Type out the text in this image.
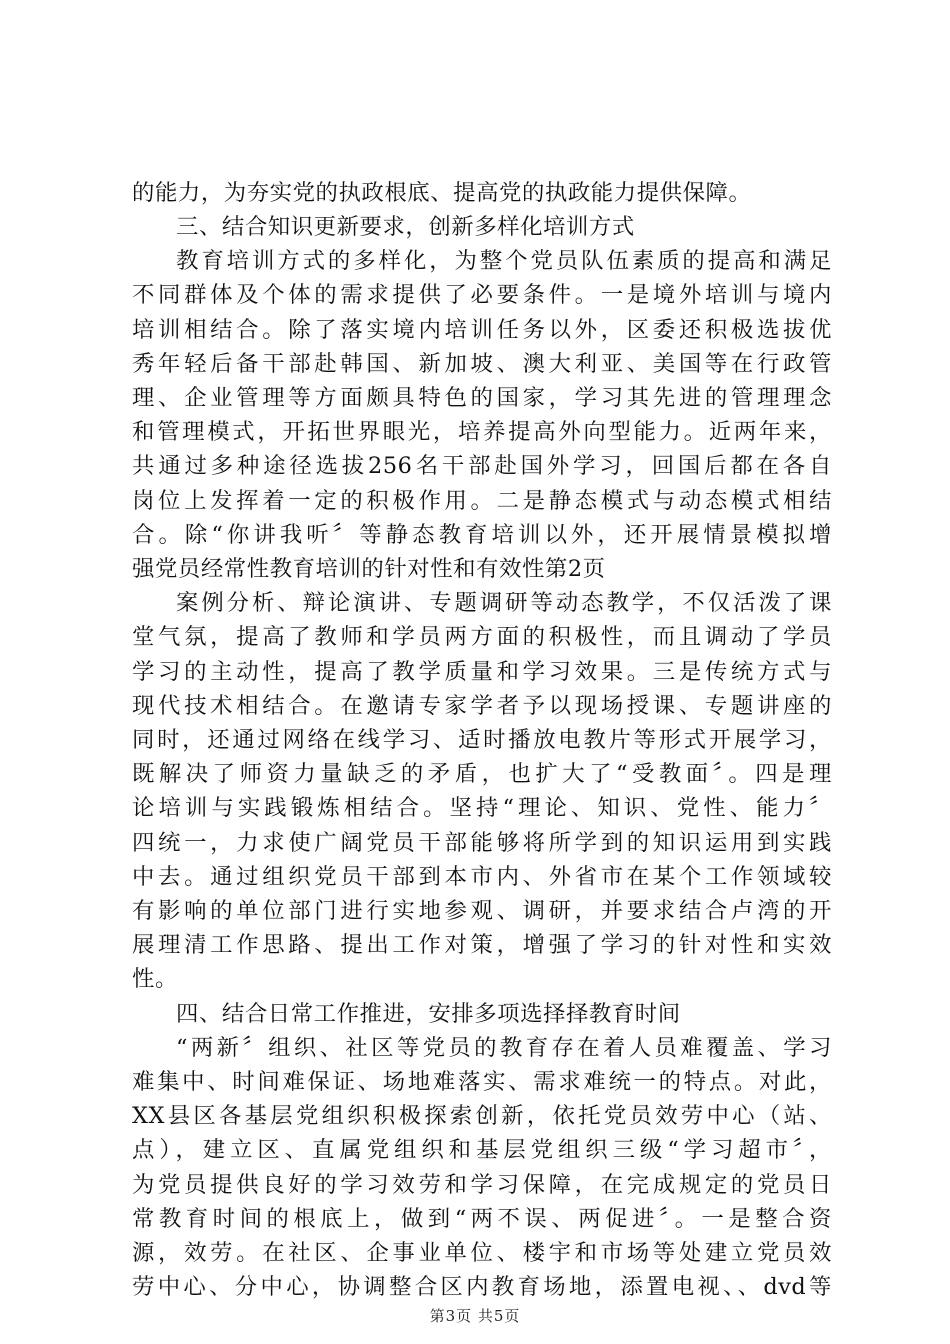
的能力，为夯实党的执政根底、提高党的执政能力提供保障。
三、结合知识更新要求，创新多样化培训方式
教育培训方式的多样化，为整个党员队伍素质的提高和满足
不同群体及个体的需求提供了必要条件。一是境外培训与境内
培训相结合。除了落实境内培训任务以外，区委还积极选拔优
秀年轻后备干部赴韩国、新加坡、澳大利亚、美国等在行政管
理、企业管理等方面颇具特色的国家，学习其先进的管理理念
和管理模式，开拓世界眼光，培养提高外向型能力。近两年来，
共通过多种途径选拔256名干部赴国外学习，回国后都在各自
岗位上发挥着一定的积极作用。二是静态模式与动态模式相结
合。除“你讲我听〞等静态教育培训以外，还开展情景模拟增
强党员经常性教育培训的针对性和有效性第2页
案例分析、辩论演讲、专题调研等动态教学，不仅活泼了课
堂气氛，提高了教师和学员两方面的积极性，而且调动了学员
学习的主动性，提高了教学质量和学习效果。三是传统方式与
现代技术相结合。在邀请专家学者予以现场授课、专题讲座的
同时，还通过网络在线学习、适时播放电教片等形式开展学习，
既解决了师资力量缺乏的矛盾，也扩大了“受教面〞。四是理
论培训与实践锻炼相结合。坚持“理论、知识、党性、能力〞
四统一，力求使广阔党员干部能够将所学到的知识运用到实践
中去。通过组织党员干部到本市内、外省市在某个工作领域较
有影响的单位部门进行实地参观、调研，并要求结合卢湾的开
展理清工作思路、提出工作对策，增强了学习的针对性和实效
性。
四、结合日常工作推进，安排多项选择择教育时间
“两新〞组织、社区等党员的教育存在着人员难覆盖、学习
难集中、时间难保证、场地难落实、需求难统一的特点。对此，
XX县区各基层党组织积极探索创新，依托党员效劳中心（站、
点），建立区、直属党组织和基层党组织三级“学习超市〞，
为党员提供良好的学习效劳和学习保障，在完成规定的党员日
常教育时间的根底上，做到“两不误、两促进〞。一是整合资
源，效劳。在社区、企事业单位、楼宇和市场等处建立党员效
劳中心、分中心，协调整合区内教育场地，添置电视、、dvd等
第3页 共5页
